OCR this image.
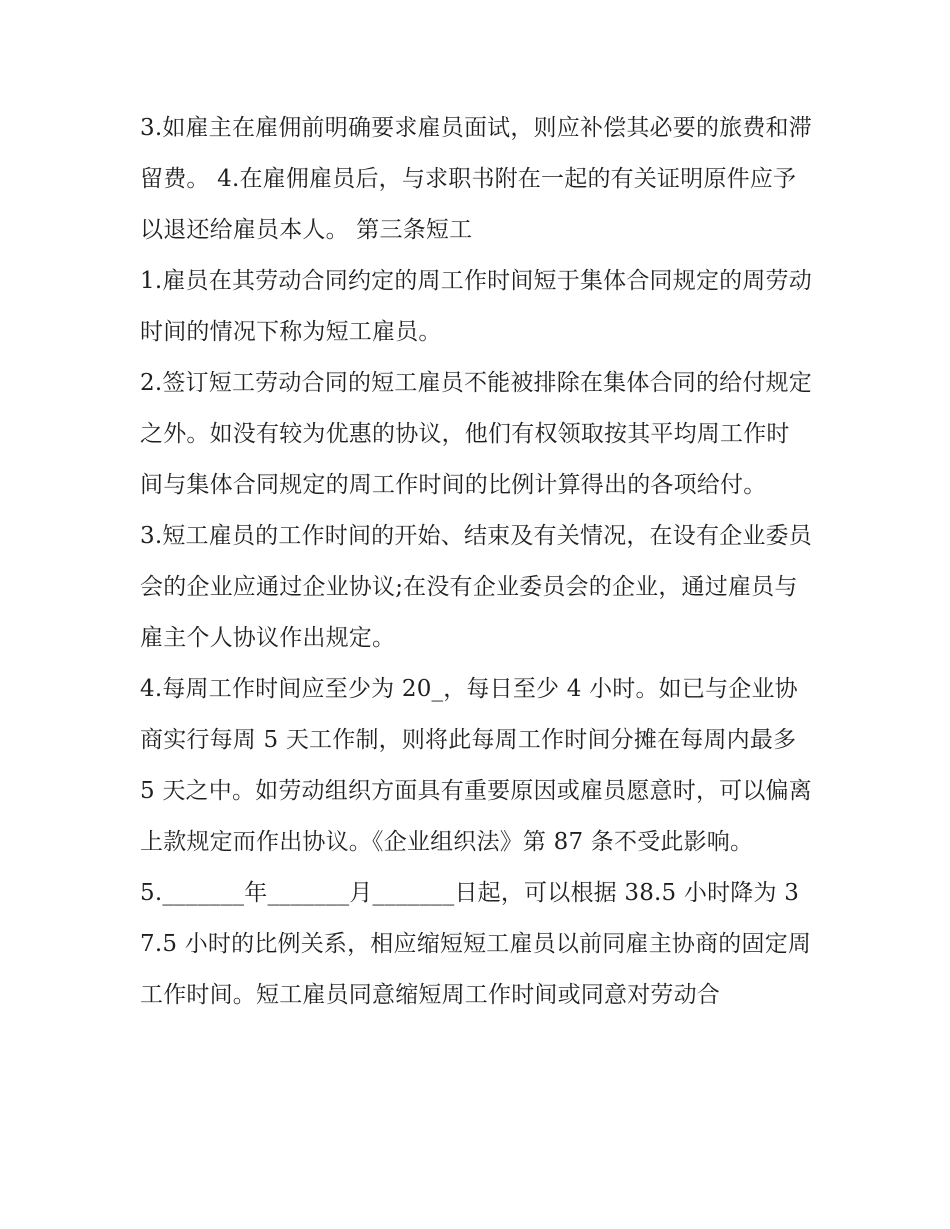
3.如雇主在雇佣前明确要求雇员面试，则应补偿其必要的旅费和滞留费。 4.在雇佣雇员后，与求职书附在一起的有关证明原件应予以退还给雇员本人。 第三条短工

1.雇员在其劳动合同约定的周工作时间短于集体合同规定的周劳动时间的情况下称为短工雇员。

2.签订短工劳动合同的短工雇员不能被排除在集体合同的给付规定之外。如没有较为优惠的协议，他们有权领取按其平均周工作时间与集体合同规定的周工作时间的比例计算得出的各项给付。

3.短工雇员的工作时间的开始、结束及有关情况，在设有企业委员会的企业应通过企业协议;在没有企业委员会的企业，通过雇员与雇主个人协议作出规定。

4.每周工作时间应至少为 20_，每日至少 4 小时。如已与企业协商实行每周 5 天工作制，则将此每周工作时间分摊在每周内最多 5 天之中。如劳动组织方面具有重要原因或雇员愿意时，可以偏离上款规定而作出协议。《企业组织法》第 87 条不受此影响。

5._______年_______月_______日起，可以根据 38.5 小时降为 37.5 小时的比例关系，相应缩短短工雇员以前同雇主协商的固定周工作时间。短工雇员同意缩短周工作时间或同意对劳动合
